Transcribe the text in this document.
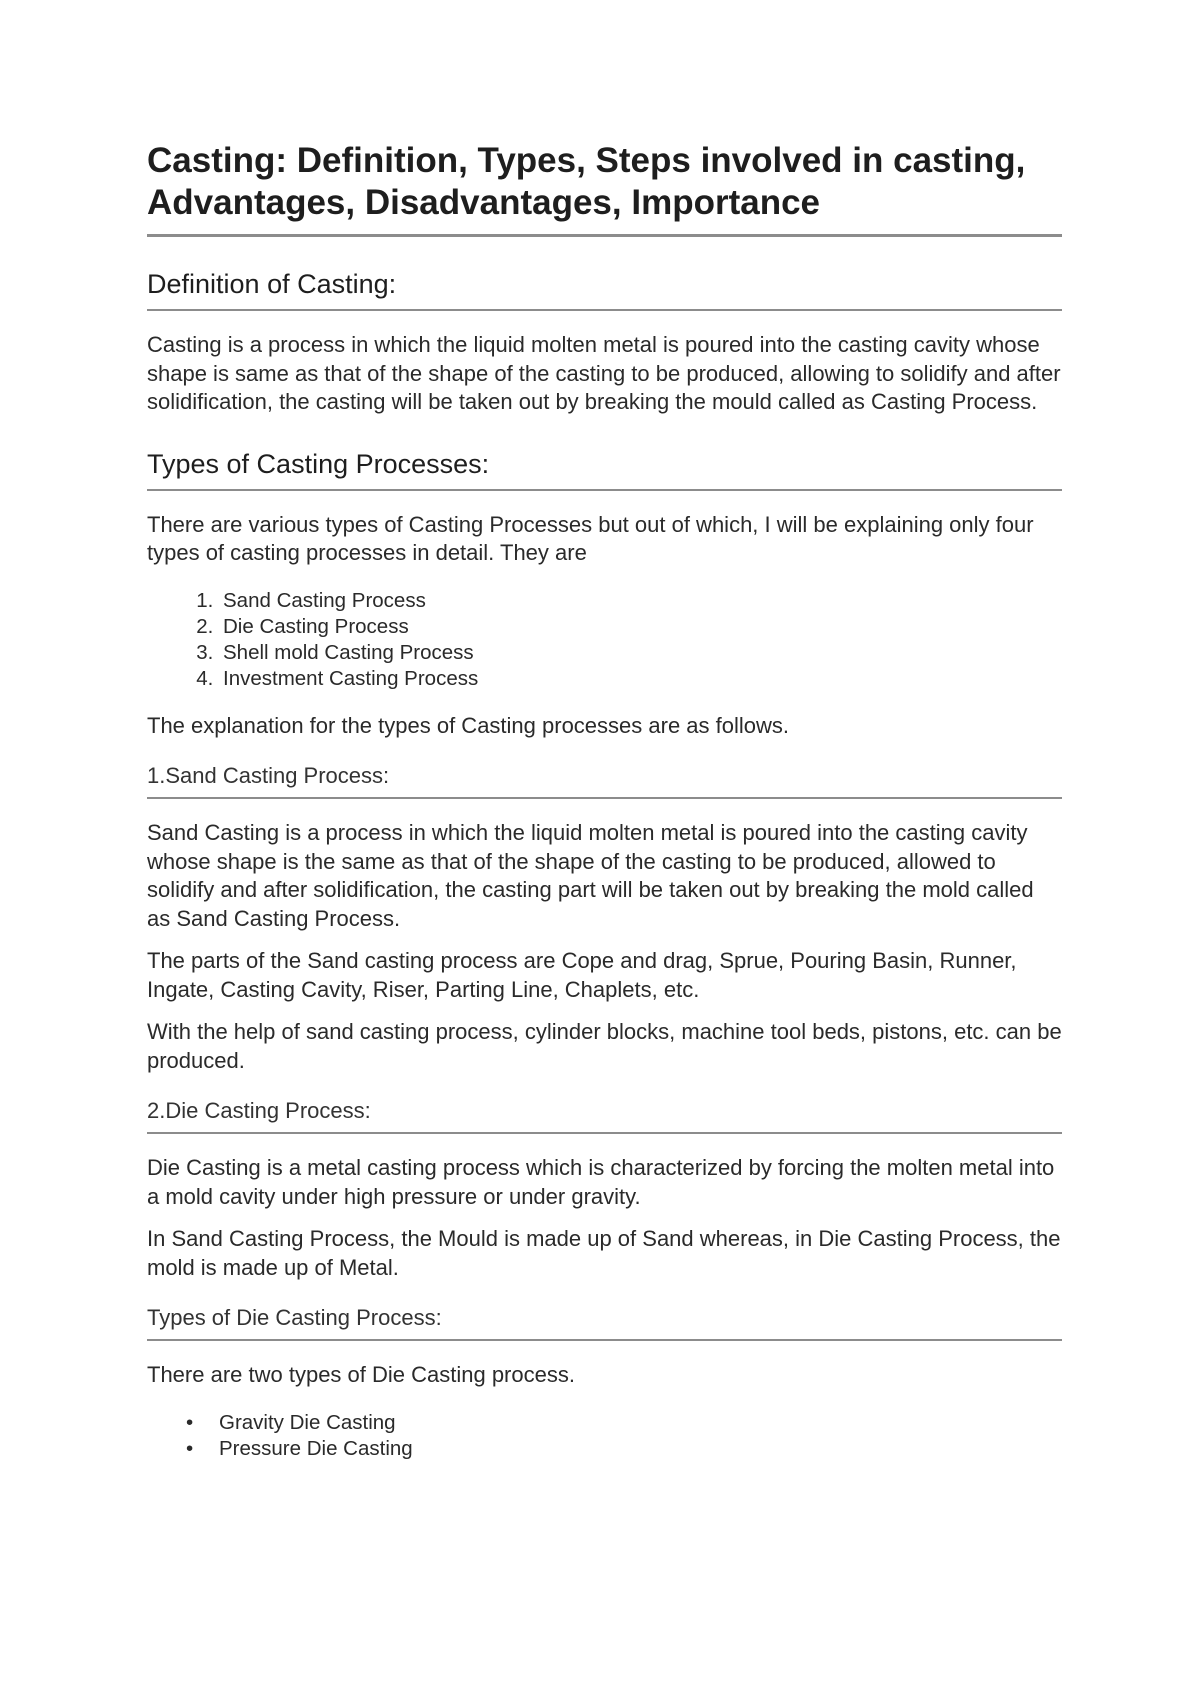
Casting: Definition, Types, Steps involved in casting, Advantages, Disadvantages, Importance
Definition of Casting:

Casting is a process in which the liquid molten metal is poured into the casting cavity whose shape is same as that of the shape of the casting to be produced, allowing to solidify and after solidification, the casting will be taken out by breaking the mould called as Casting Process.

Types of Casting Processes:

There are various types of Casting Processes but out of which, I will be explaining only four types of casting processes in detail. They are

1. Sand Casting Process
2. Die Casting Process
3. Shell mold Casting Process
4. Investment Casting Process

The explanation for the types of Casting processes are as follows.

1.Sand Casting Process:

Sand Casting is a process in which the liquid molten metal is poured into the casting cavity whose shape is the same as that of the shape of the casting to be produced, allowed to solidify and after solidification, the casting part will be taken out by breaking the mold called as Sand Casting Process.

The parts of the Sand casting process are Cope and drag, Sprue, Pouring Basin, Runner, Ingate, Casting Cavity, Riser, Parting Line, Chaplets, etc.

With the help of sand casting process, cylinder blocks, machine tool beds, pistons, etc. can be produced.

2.Die Casting Process:

Die Casting is a metal casting process which is characterized by forcing the molten metal into a mold cavity under high pressure or under gravity.

In Sand Casting Process, the Mould is made up of Sand whereas, in Die Casting Process, the mold is made up of Metal.

Types of Die Casting Process:

There are two types of Die Casting process.

• Gravity Die Casting
• Pressure Die Casting
